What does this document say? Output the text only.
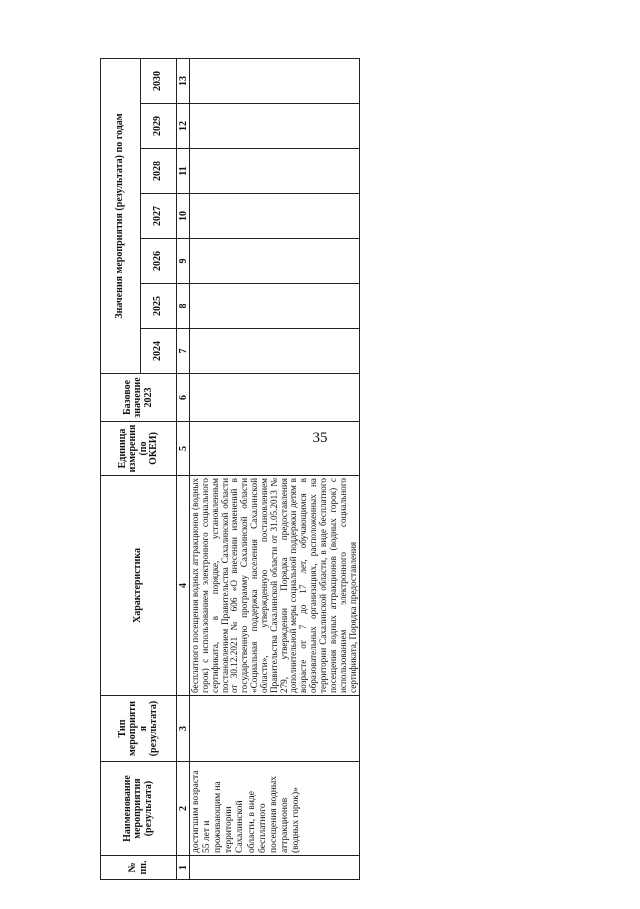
35
№ пп.	Наименование мероприятия (результата)	Тип мероприяти я (результата)	Характеристика	Единица измерения (по ОКЕИ)	Базовое значение 2023	Значения мероприятия (результата) по годам						
						2024	2025	2026	2027	2028	2029	2030
1	2	3	4	5	6	7	8	9	10	11	12	13
	достигшим возраста 55 лет и проживающим на территории Сахалинской области, в виде бесплатного посещения водных аттракционов (водных горок)»		бесплатного посещения водных аттракционов (водных горок) с использованием электронного социального сертификата, в порядке, установленным постановлением Правительства Сахалинской области от 30.12.2021 № 606 «О внесении изменений в государственную программу Сахалинской области «Социальная поддержка населения Сахалинской области», утвержденную постановлением Правительства Сахалинской области от 31.05.2013 № 279, утверждении Порядка предоставления дополнительной меры социальной поддержки детям в возрасте от 7 до 17 лет, обучающимся в образовательных организациях, расположенных на территории Сахалинской области, в виде бесплатного посещения водных аттракционов (водных горок) с использованием электронного социального сертификата, Порядка предоставления									
